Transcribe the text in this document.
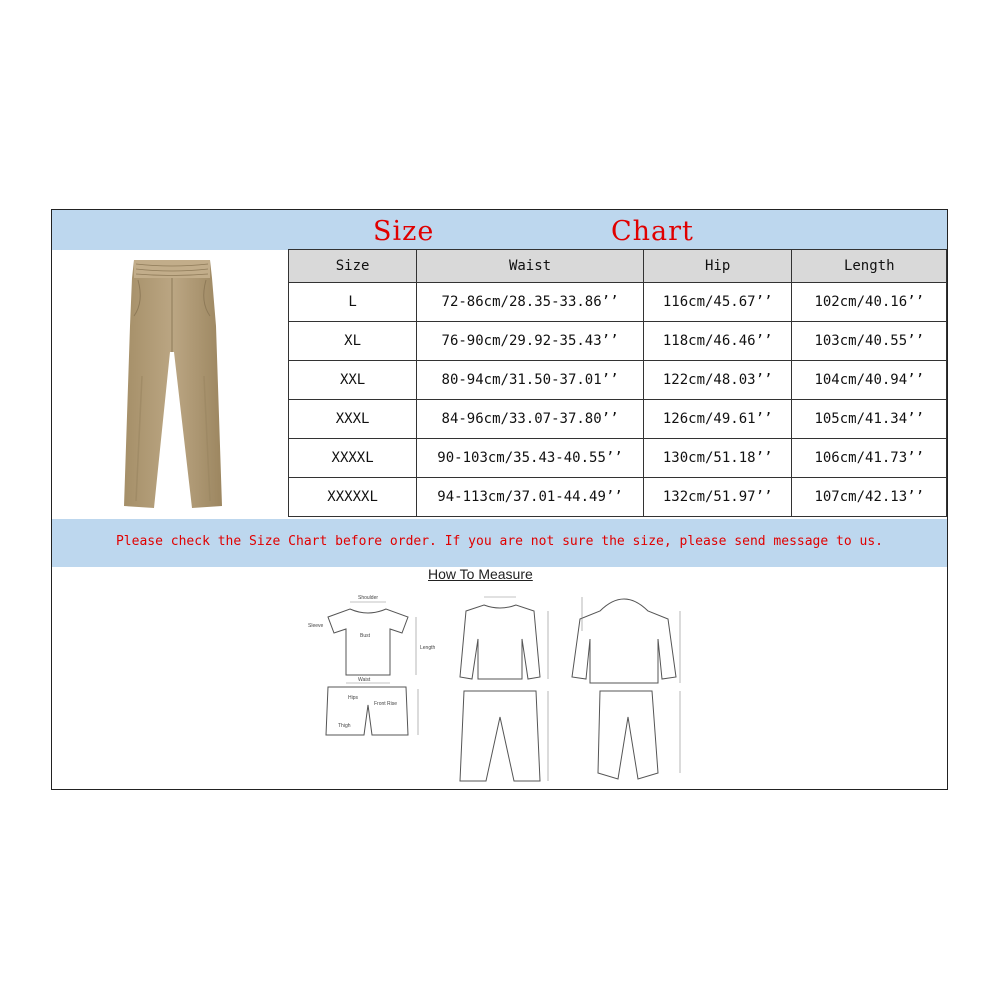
Size	Chart
Size	Waist	Hip	Length
L	72-86cm/28.35-33.86’’	116cm/45.67’’	102cm/40.16’’
XL	76-90cm/29.92-35.43’’	118cm/46.46’’	103cm/40.55’’
XXL	80-94cm/31.50-37.01’’	122cm/48.03’’	104cm/40.94’’
XXXL	84-96cm/33.07-37.80’’	126cm/49.61’’	105cm/41.34’’
XXXXL	90-103cm/35.43-40.55’’	130cm/51.18’’	106cm/41.73’’
XXXXXL	94-113cm/37.01-44.49’’	132cm/51.97’’	107cm/42.13’’
Please check the Size Chart before order. If you are not sure the size, please send message to us.
How To Measure
Shoulder
Bust
Sleeve
Length
Waist
Hips
Front Rise
Thigh
